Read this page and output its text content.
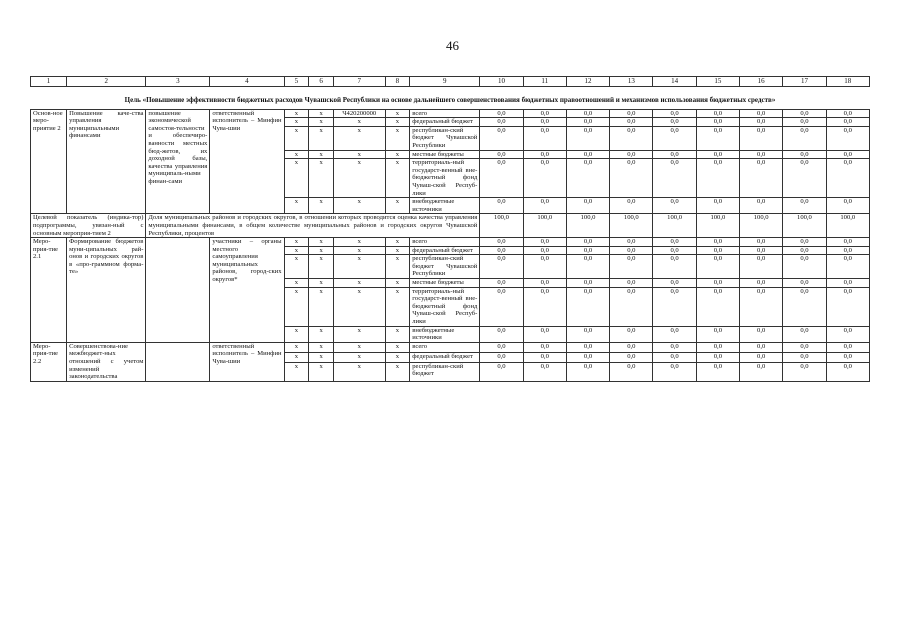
46
1	2	3	4	5	6	7	8	9	10	11	12	13	14	15	16	17	18
Цель «Повышение эффективности бюджетных расходов Чувашской Республики на основе дальнейшего совершенствования бюджетных правоотношений и механизмов использования бюджетных средств»																	
Основ-ное меро-приятие 2	Повышение каче-ства управления муниципальными финансами	повышение экономической самостоя-тельности и обеспечиро-ванности местных бюд-жетов, их доходной базы, качества управления муниципаль-ными финан-сами	ответственный исполнитель – Минфин Чува-шии	x	x	Ч420200000	x	всего	0,0	0,0	0,0	0,0	0,0	0,0	0,0	0,0	0,0
				x	x	x	x	федеральный бюджет	0,0	0,0	0,0	0,0	0,0	0,0	0,0	0,0	0,0
				x	x	x	x	республикан-ский бюджет Чувашской Республики	0,0	0,0	0,0	0,0	0,0	0,0	0,0	0,0	0,0
				x	x	x	x	местные бюджеты	0,0	0,0	0,0	0,0	0,0	0,0	0,0	0,0	0,0
				x	x	x	x	территориаль-ный государст-венный вне-бюджетный фонд Чуваш-ской Респуб-лики	0,0	0,0	0,0	0,0	0,0	0,0	0,0	0,0	0,0
				x	x	x	x	внебюджетные источники	0,0	0,0	0,0	0,0	0,0	0,0	0,0	0,0	0,0
Целевой показатель (индика-тор) подпрограммы, увязан-ный с основным мероприя-тием 2		Доля муниципальных районов и городских округов, в отношении которых проводится оценка качества управления муниципальными финансами, в общем количестве муниципальных районов и городских округов Чувашской Республики, процентов							100,0	100,0	100,0	100,0	100,0	100,0	100,0	100,0	100,0
Меро-прия-тие 2.1	Формирование бюджетов муни-ципальных рай-онов и городских округов в «про-граммном форма-те»		участники – органы местного самоуправления муниципальных районов, город-ских округов*	x	x	x	x	всего	0,0	0,0	0,0	0,0	0,0	0,0	0,0	0,0	0,0
				x	x	x	x	федеральный бюджет	0,0	0,0	0,0	0,0	0,0	0,0	0,0	0,0	0,0
				x	x	x	x	республикан-ский бюджет Чувашской Республики	0,0	0,0	0,0	0,0	0,0	0,0	0,0	0,0	0,0
				x	x	x	x	местные бюджеты	0,0	0,0	0,0	0,0	0,0	0,0	0,0	0,0	0,0
				x	x	x	x	территориаль-ный государст-венный вне-бюджетный фонд Чуваш-ской Респуб-лики	0,0	0,0	0,0	0,0	0,0	0,0	0,0	0,0	0,0
				x	x	x	x	внебюджетные источники	0,0	0,0	0,0	0,0	0,0	0,0	0,0	0,0	0,0
Меро-прия-тие 2.2	Совершенствова-ние межбюджет-ных отношений с учетом изменений законодательства		ответственный исполнитель – Минфин Чува-шии	x	x	x	x	всего	0,0	0,0	0,0	0,0	0,0	0,0	0,0	0,0	0,0
				x	x	x	x	федеральный бюджет	0,0	0,0	0,0	0,0	0,0	0,0	0,0	0,0	0,0
				x	x	x	x	республикан-ский бюджет	0,0	0,0	0,0	0,0	0,0	0,0	0,0	0,0	0,0
